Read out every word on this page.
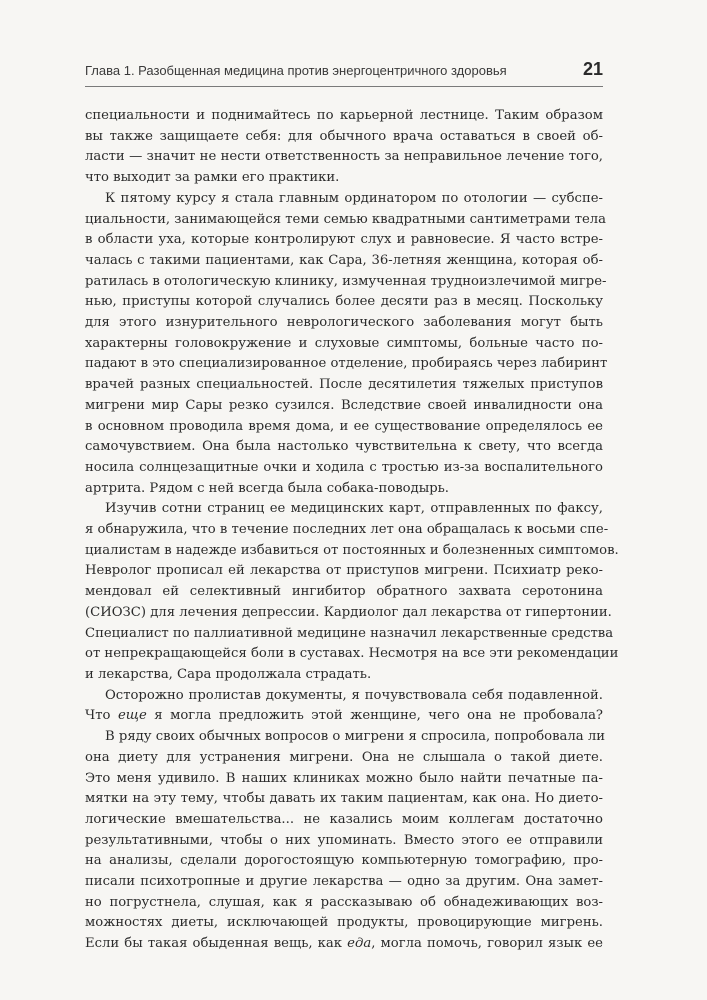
Глава 1. Разобщенная медицина против энергоцентричного здоровья	21
специальности и поднимайтесь по карьерной лестнице. Таким образом
вы также защищаете себя: для обычного врача оставаться в своей об-
ласти — значит не нести ответственность за неправильное лечение того,
что выходит за рамки его практики.
К пятому курсу я стала главным ординатором по отологии — субспе-
циальности, занимающейся теми семью квадратными сантиметрами тела
в области уха, которые контролируют слух и равновесие. Я часто встре-
чалась с такими пациентами, как Сара, 36-летняя женщина, которая об-
ратилась в отологическую клинику, измученная трудноизлечимой мигре-
нью, приступы которой случались более десяти раз в месяц. Поскольку
для этого изнурительного неврологического заболевания могут быть
характерны головокружение и слуховые симптомы, больные часто по-
падают в это специализированное отделение, пробираясь через лабиринт
врачей разных специальностей. После десятилетия тяжелых приступов
мигрени мир Сары резко сузился. Вследствие своей инвалидности она
в основном проводила время дома, и ее существование определялось ее
самочувствием. Она была настолько чувствительна к свету, что всегда
носила солнцезащитные очки и ходила с тростью из-за воспалительного
артрита. Рядом с ней всегда была собака-поводырь.
Изучив сотни страниц ее медицинских карт, отправленных по факсу,
я обнаружила, что в течение последних лет она обращалась к восьми спе-
циалистам в надежде избавиться от постоянных и болезненных симптомов.
Невролог прописал ей лекарства от приступов мигрени. Психиатр реко-
мендовал ей селективный ингибитор обратного захвата серотонина
(СИОЗС) для лечения депрессии. Кардиолог дал лекарства от гипертонии.
Специалист по паллиативной медицине назначил лекарственные средства
от непрекращающейся боли в суставах. Несмотря на все эти рекомендации
и лекарства, Сара продолжала страдать.
Осторожно пролистав документы, я почувствовала себя подавленной.
Что еще я могла предложить этой женщине, чего она не пробовала?
В ряду своих обычных вопросов о мигрени я спросила, попробовала ли
она диету для устранения мигрени. Она не слышала о такой диете.
Это меня удивило. В наших клиниках можно было найти печатные па-
мятки на эту тему, чтобы давать их таким пациентам, как она. Но дието-
логические вмешательства... не казались моим коллегам достаточно
результативными, чтобы о них упоминать. Вместо этого ее отправили
на анализы, сделали дорогостоящую компьютерную томографию, про-
писали психотропные и другие лекарства — одно за другим. Она замет-
но погрустнела, слушая, как я рассказываю об обнадеживающих воз-
можностях диеты, исключающей продукты, провоцирующие мигрень.
Если бы такая обыденная вещь, как еда, могла помочь, говорил язык ее
